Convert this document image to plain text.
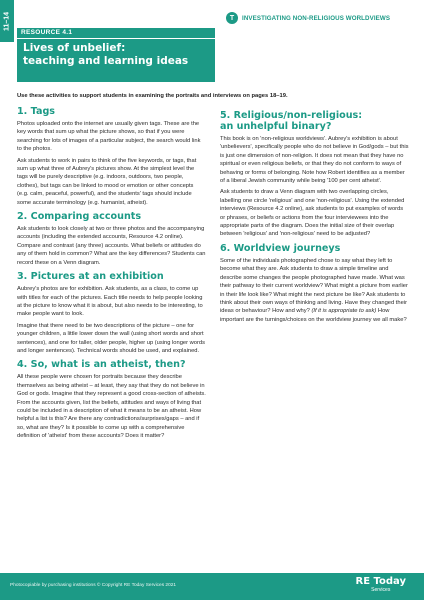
11–14	T	INVESTIGATING NON-RELIGIOUS WORLDVIEWS
RESOURCE 4.1
Lives of unbelief:
teaching and learning ideas
Use these activities to support students in examining the portraits and interviews on pages 18–19.
1. Tags

Photos uploaded onto the internet are usually given tags. These are the key words that sum up what the picture shows, so that if you were searching for lots of images of a particular subject, the search would link to the photos.

Ask students to work in pairs to think of the five keywords, or tags, that sum up what three of Aubrey's pictures show. At the simplest level the tags will be purely descriptive (e.g. indoors, outdoors, two people, clothes), but tags can be linked to mood or emotion or other concepts (e.g. calm, peaceful, powerful), and the students' tags should include some accurate terminology (e.g. humanist, atheist).

2. Comparing accounts

Ask students to look closely at two or three photos and the accompanying accounts (including the extended accounts, Resource 4.2 online). Compare and contrast (any three) accounts. What beliefs or attitudes do any of them hold in common? What are the key differences? Students can record these on a Venn diagram.

3. Pictures at an exhibition

Aubrey's photos are for exhibition. Ask students, as a class, to come up with titles for each of the pictures. Each title needs to help people looking at the picture to know what it is about, but also needs to be interesting, to make people want to look.

Imagine that there need to be two descriptions of the picture – one for younger children, a little lower down the wall (using short words and short sentences), and one for taller, older people, higher up (using longer words and longer sentences). Technical words should be used, and explained.

4. So, what is an atheist, then?

All these people were chosen for portraits because they describe themselves as being atheist – at least, they say that they do not believe in God or gods. Imagine that they represent a good cross-section of atheists. From the accounts given, list the beliefs, attitudes and ways of living that could be included in a description of what it means to be an atheist. How helpful a list is this? Are there any contradictions/surprises/gaps – and if so, what are they? Is it possible to come up with a comprehensive definition of 'atheist' from these accounts? Does it matter?

5. Religious/non-religious:
an unhelpful binary?

This book is on 'non-religious worldviews'. Aubrey's exhibition is about 'unbelievers', specifically people who do not believe in God/gods – but this is just one dimension of non-religion. It does not mean that they have no spiritual or even religious beliefs, or that they do not conform to ways of behaving or forms of belonging. Note how Robert identifies as a member of a liberal Jewish community while being '100 per cent atheist'.

Ask students to draw a Venn diagram with two overlapping circles, labelling one circle 'religious' and one 'non-religious'. Using the extended interviews (Resource 4.2 online), ask students to put examples of words or phrases, or beliefs or actions from the four interviewees into the appropriate parts of the diagram. Does the initial size of their overlap between 'religious' and 'non-religious' need to be adjusted?

6. Worldview journeys

Some of the individuals photographed chose to say what they left to become what they are. Ask students to draw a simple timeline and describe some changes the people photographed have made. What was their pathway to their current worldview? What might a picture from earlier in their life look like? What might the next picture be like? Ask students to think about their own ways of thinking and living. Have they changed their ideas or behaviour? How and why? (If it is appropriate to ask) How important are the turnings/choices on the worldview journey we all make?

Photocopiable by purchasing institutions © Copyright RE Today Services 2021	RE Today
Services
